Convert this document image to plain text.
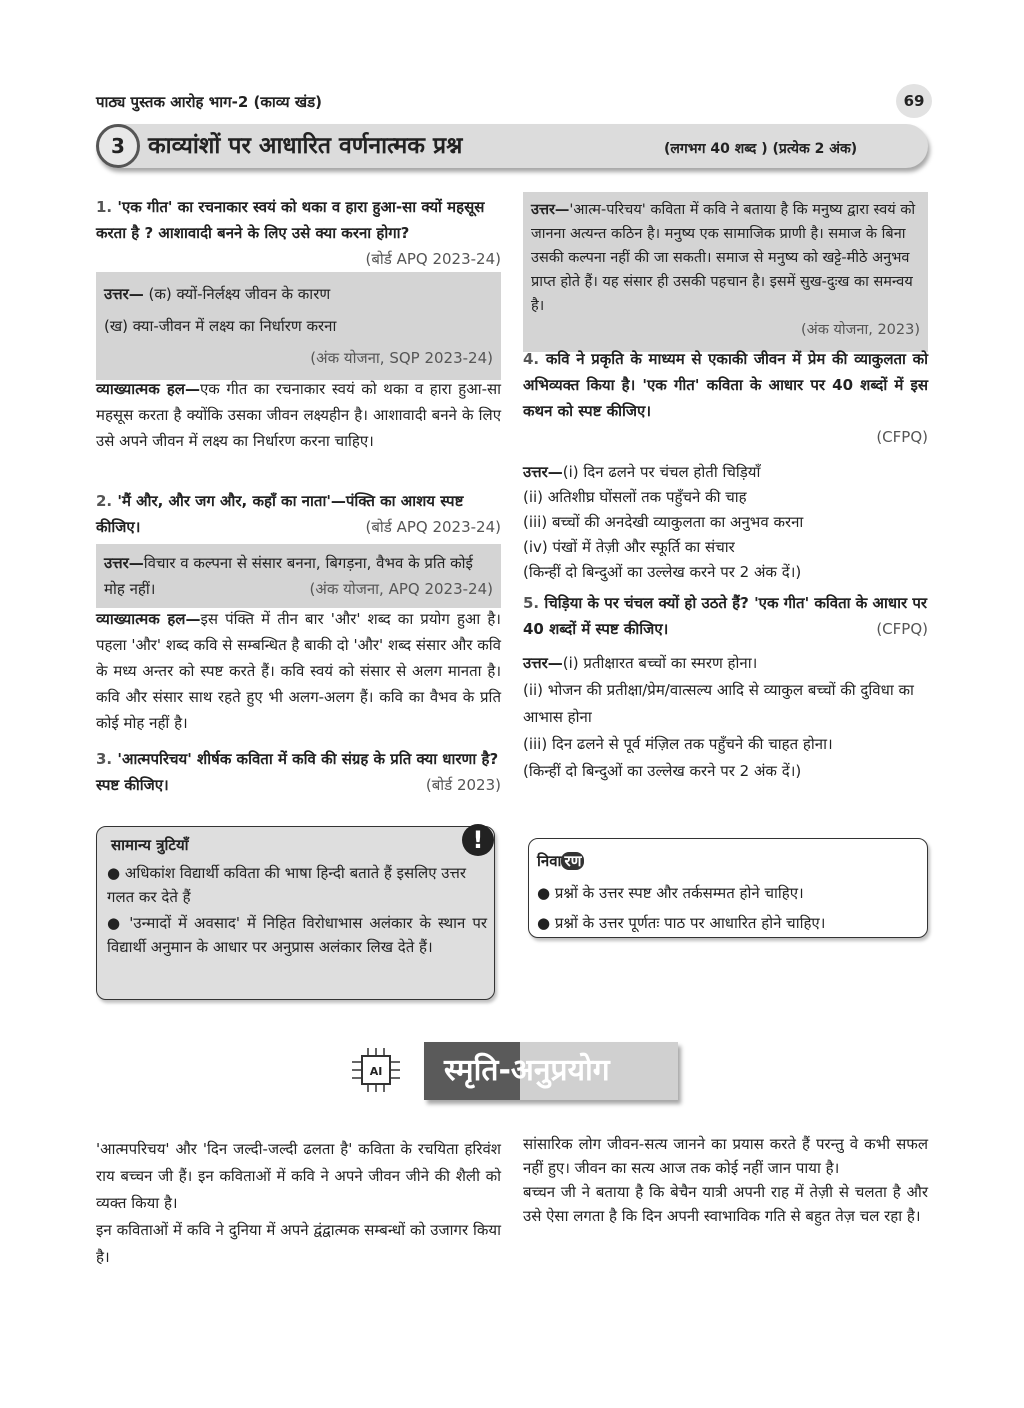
पाठ्य पुस्तक आरोह भाग-2 (काव्य खंड)	69
3	काव्यांशों पर आधारित वर्णनात्मक प्रश्न	(लगभग 40 शब्द ) (प्रत्येक 2 अंक)

1. 'एक गीत' का रचनाकार स्वयं को थका व हारा हुआ-सा क्यों महसूस करता है ? आशावादी बनने के लिए उसे क्या करना होगा?
(बोर्ड APQ 2023-24)

उत्तर— (क) क्यों-निर्लक्ष्य जीवन के कारण

(ख) क्या-जीवन में लक्ष्य का निर्धारण करना

(अंक योजना, SQP 2023-24)

व्याख्यात्मक हल—एक गीत का रचनाकार स्वयं को थका व हारा हुआ-सा महसूस करता है क्योंकि उसका जीवन लक्ष्यहीन है। आशावादी बनने के लिए उसे अपने जीवन में लक्ष्य का निर्धारण करना चाहिए।

2. 'मैं और, और जग और, कहाँ का नाता'—पंक्ति का आशय स्पष्ट कीजिए।	(बोर्ड APQ 2023-24)

उत्तर—विचार व कल्पना से संसार बनना, बिगड़ना, वैभव के प्रति कोई मोह नहीं।	(अंक योजना, APQ 2023-24)

व्याख्यात्मक हल—इस पंक्ति में तीन बार 'और' शब्द का प्रयोग हुआ है। पहला 'और' शब्द कवि से सम्बन्धित है बाकी दो 'और' शब्द संसार और कवि के मध्य अन्तर को स्पष्ट करते हैं। कवि स्वयं को संसार से अलग मानता है। कवि और संसार साथ रहते हुए भी अलग-अलग हैं। कवि का वैभव के प्रति कोई मोह नहीं है।

3. 'आत्मपरिचय' शीर्षक कविता में कवि की संग्रह के प्रति क्या धारणा है? स्पष्ट कीजिए।	(बोर्ड 2023)

उत्तर—'आत्म-परिचय' कविता में कवि ने बताया है कि मनुष्य द्वारा स्वयं को जानना अत्यन्त कठिन है। मनुष्य एक सामाजिक प्राणी है। समाज के बिना उसकी कल्पना नहीं की जा सकती। समाज से मनुष्य को खट्टे-मीठे अनुभव प्राप्त होते हैं। यह संसार ही उसकी पहचान है। इसमें सुख-दुःख का समन्वय है।

(अंक योजना, 2023)

4. कवि ने प्रकृति के माध्यम से एकाकी जीवन में प्रेम की व्याकुलता को अभिव्यक्त किया है। 'एक गीत' कविता के आधार पर 40 शब्दों में इस कथन को स्पष्ट कीजिए।

(CFPQ)

उत्तर—(i) दिन ढलने पर चंचल होती चिड़ियाँ

(ii) अतिशीघ्र घोंसलों तक पहुँचने की चाह

(iii) बच्चों की अनदेखी व्याकुलता का अनुभव करना

(iv) पंखों में तेज़ी और स्फूर्ति का संचार

(किन्हीं दो बिन्दुओं का उल्लेख करने पर 2 अंक दें।)

5. चिड़िया के पर चंचल क्यों हो उठते हैं? 'एक गीत' कविता के आधार पर 40 शब्दों में स्पष्ट कीजिए।	(CFPQ)

उत्तर—(i) प्रतीक्षारत बच्चों का स्मरण होना।

(ii) भोजन की प्रतीक्षा/प्रेम/वात्सल्य आदि से व्याकुल बच्चों की दुविधा का आभास होना

(iii) दिन ढलने से पूर्व मंज़िल तक पहुँचने की चाहत होना।

(किन्हीं दो बिन्दुओं का उल्लेख करने पर 2 अंक दें।)

सामान्य त्रुटियाँ

● अधिकांश विद्यार्थी कविता की भाषा हिन्दी बताते हैं इसलिए उत्तर गलत कर देते हैं

● 'उन्मादों में अवसाद' में निहित विरोधाभास अलंकार के स्थान पर विद्यार्थी अनुमान के आधार पर अनुप्रास अलंकार लिख देते हैं।

!
निवा रण

● प्रश्नों के उत्तर स्पष्ट और तर्कसम्मत होने चाहिए।

● प्रश्नों के उत्तर पूर्णतः पाठ पर आधारित होने चाहिए।

AI स्मृति-अनुप्रयोग

'आत्मपरिचय' और 'दिन जल्दी-जल्दी ढलता है' कविता के रचयिता हरिवंश राय बच्चन जी हैं। इन कविताओं में कवि ने अपने जीवन जीने की शैली को व्यक्त किया है।

इन कविताओं में कवि ने दुनिया में अपने द्वंद्वात्मक सम्बन्धों को उजागर किया है।

सांसारिक लोग जीवन-सत्य जानने का प्रयास करते हैं परन्तु वे कभी सफल नहीं हुए। जीवन का सत्य आज तक कोई नहीं जान पाया है।

बच्चन जी ने बताया है कि बेचैन यात्री अपनी राह में तेज़ी से चलता है और उसे ऐसा लगता है कि दिन अपनी स्वाभाविक गति से बहुत तेज़ चल रहा है।
